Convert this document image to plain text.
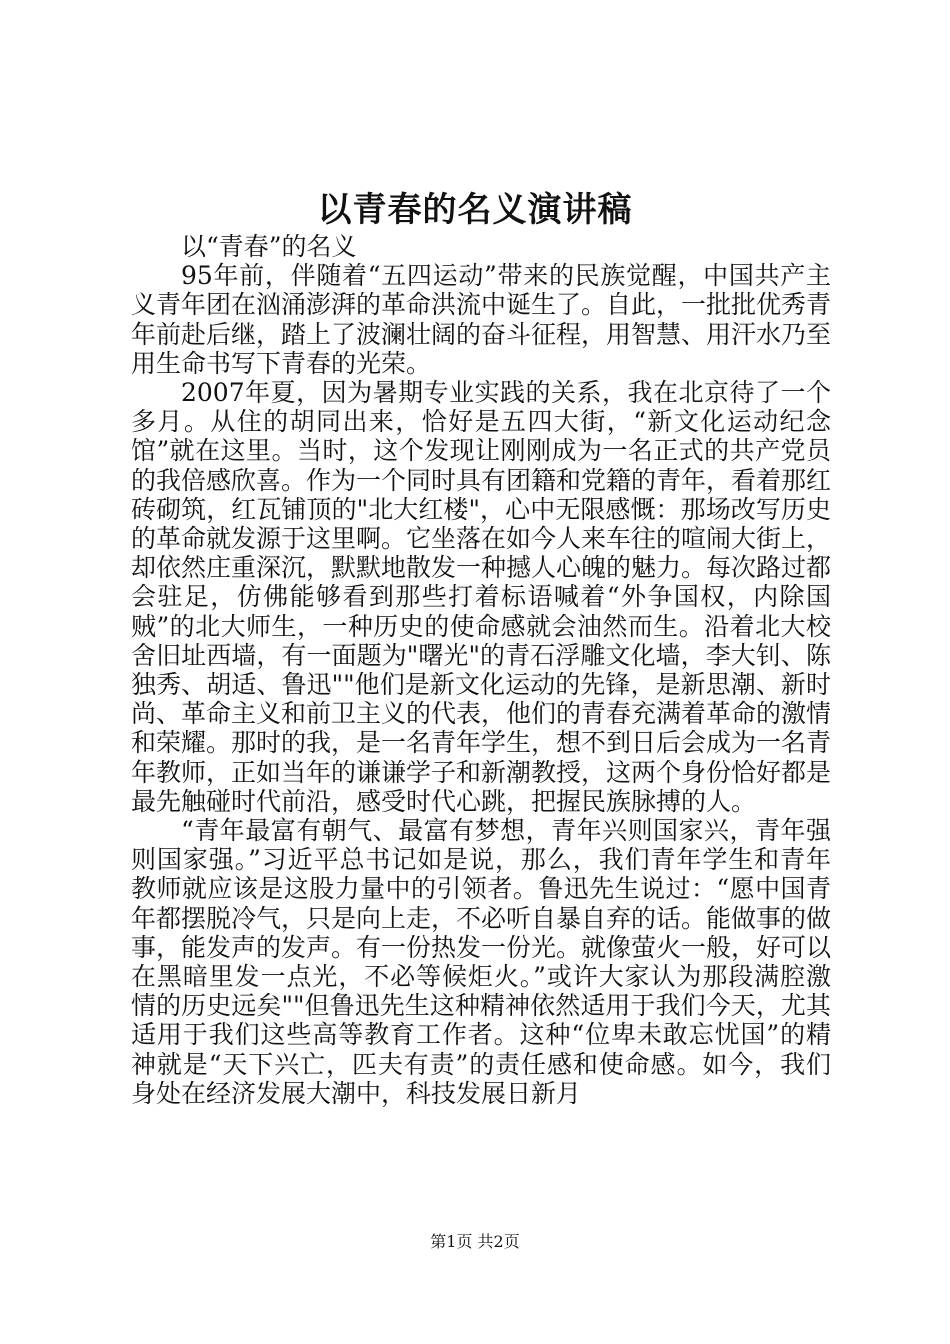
以青春的名义演讲稿

以“青春”的名义

95年前，伴随着“五四运动”带来的民族觉醒，中国共产主义青年团在汹涌澎湃的革命洪流中诞生了。自此，一批批优秀青年前赴后继，踏上了波澜壮阔的奋斗征程，用智慧、用汗水乃至用生命书写下青春的光荣。

2007年夏，因为暑期专业实践的关系，我在北京待了一个多月。从住的胡同出来，恰好是五四大街，“新文化运动纪念馆”就在这里。当时，这个发现让刚刚成为一名正式的共产党员的我倍感欣喜。作为一个同时具有团籍和党籍的青年，看着那红砖砌筑，红瓦铺顶的"北大红楼"，心中无限感慨：那场改写历史的革命就发源于这里啊。它坐落在如今人来车往的喧闹大街上，却依然庄重深沉，默默地散发一种撼人心魄的魅力。每次路过都会驻足，仿佛能够看到那些打着标语喊着“外争国权，内除国贼”的北大师生，一种历史的使命感就会油然而生。沿着北大校舍旧址西墙，有一面题为"曙光"的青石浮雕文化墙，李大钊、陈独秀、胡适、鲁迅""他们是新文化运动的先锋，是新思潮、新时尚、革命主义和前卫主义的代表，他们的青春充满着革命的激情和荣耀。那时的我，是一名青年学生，想不到日后会成为一名青年教师，正如当年的谦谦学子和新潮教授，这两个身份恰好都是最先触碰时代前沿，感受时代心跳，把握民族脉搏的人。

“青年最富有朝气、最富有梦想，青年兴则国家兴，青年强则国家强。”习近平总书记如是说，那么，我们青年学生和青年教师就应该是这股力量中的引领者。鲁迅先生说过：“愿中国青年都摆脱冷气，只是向上走，不必听自暴自弃的话。能做事的做事，能发声的发声。有一份热发一份光。就像萤火一般，好可以在黑暗里发一点光，不必等候炬火。”或许大家认为那段满腔激情的历史远矣""但鲁迅先生这种精神依然适用于我们今天，尤其适用于我们这些高等教育工作者。这种“位卑未敢忘忧国”的精神就是“天下兴亡，匹夫有责”的责任感和使命感。如今，我们身处在经济发展大潮中，科技发展日新月

第1页 共2页
